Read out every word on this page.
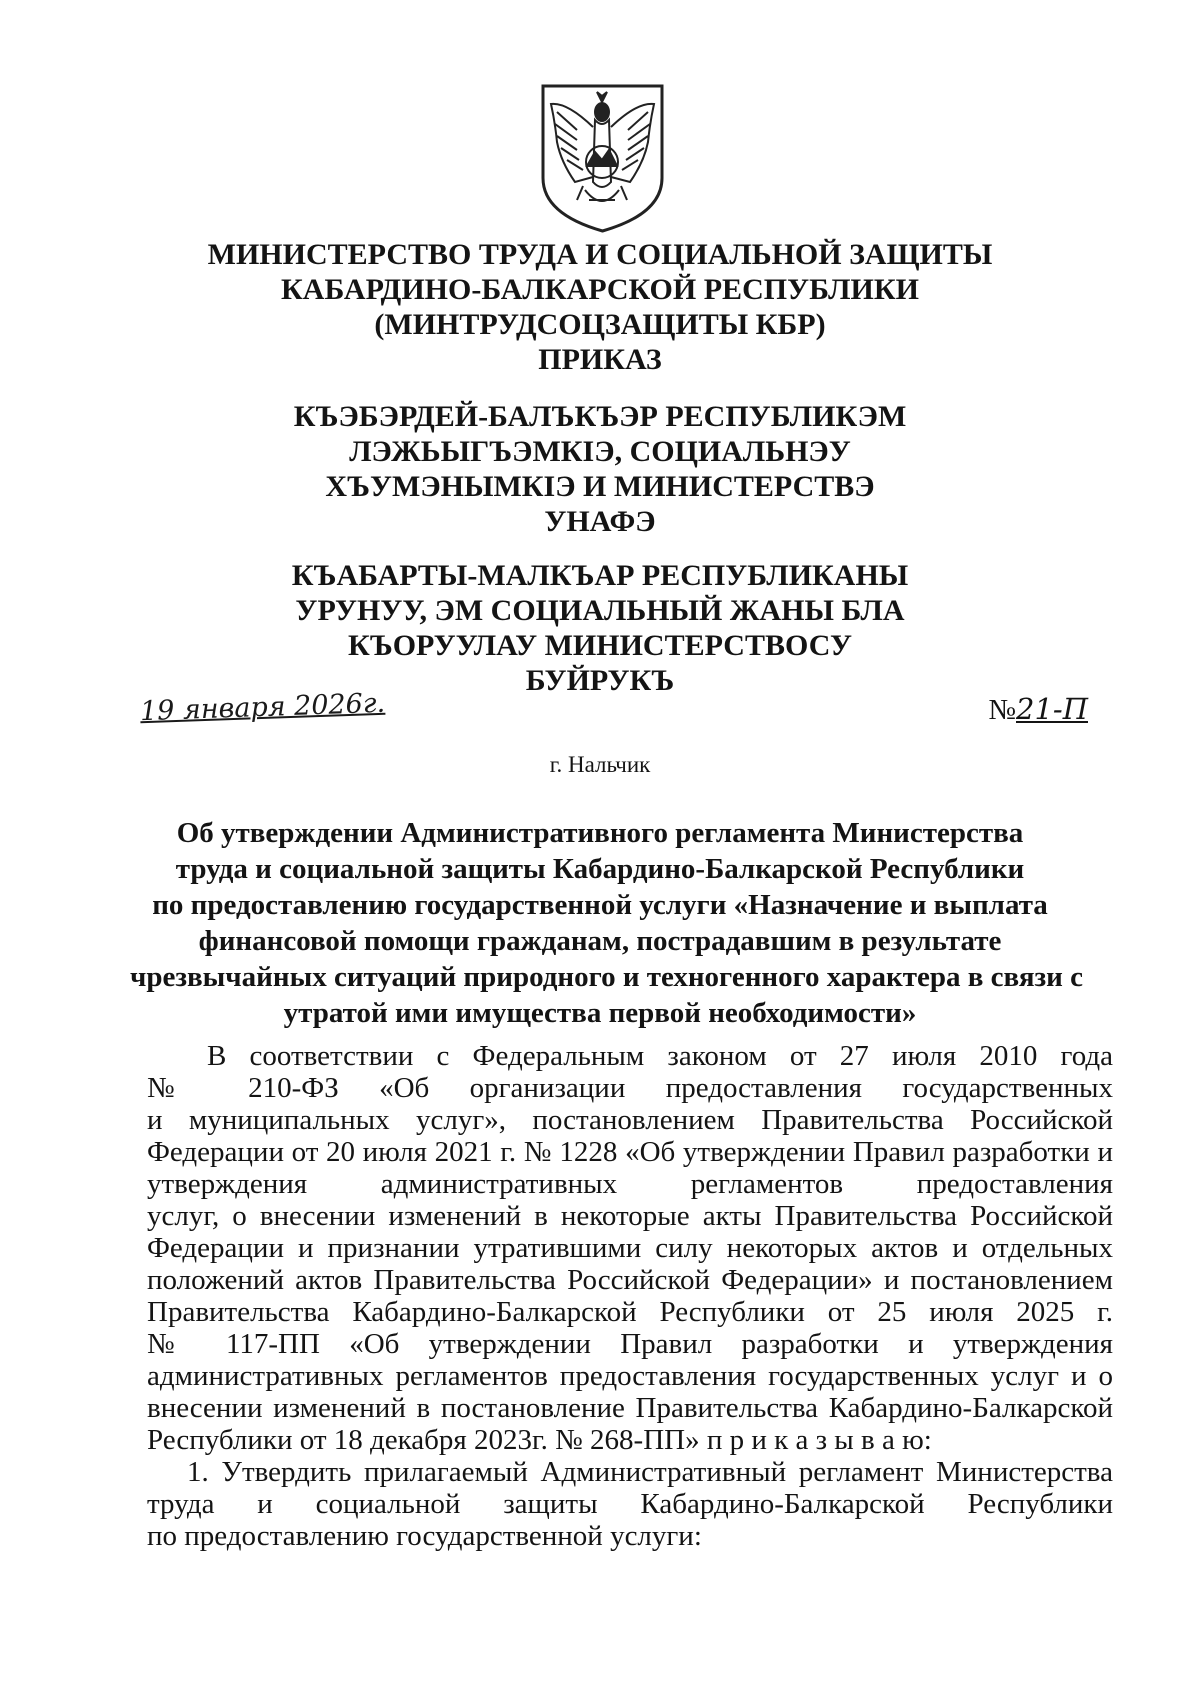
МИНИСТЕРСТВО ТРУДА И СОЦИАЛЬНОЙ ЗАЩИТЫ
КАБАРДИНО-БАЛКАРСКОЙ РЕСПУБЛИКИ
(МИНТРУДСОЦЗАЩИТЫ КБР)
ПРИКАЗ
КЪЭБЭРДЕЙ-БАЛЪКЪЭР РЕСПУБЛИКЭМ
ЛЭЖЬЫГЪЭМКIЭ, СОЦИАЛЬНЭУ
ХЪУМЭНЫМКIЭ И МИНИСТЕРСТВЭ
УНАФЭ
КЪАБАРТЫ-МАЛКЪАР РЕСПУБЛИКАНЫ
УРУНУУ, ЭМ СОЦИАЛЬНЫЙ ЖАНЫ БЛА
КЪОРУУЛАУ МИНИСТЕРСТВОСУ
БУЙРУКЪ
19 января 2026г.	№21-П
г. Нальчик
Об утверждении Административного регламента Министерства
труда и социальной защиты Кабардино-Балкарской Республики
по предоставлению государственной услуги «Назначение и выплата
финансовой помощи гражданам, пострадавшим в результате
чрезвычайных ситуаций природного и техногенного характера в связи с
утратой ими имущества первой необходимости»
В соответствии с Федеральным законом от 27 июля 2010 года
№ 210-ФЗ «Об организации предоставления государственных
и муниципальных услуг», постановлением Правительства Российской
Федерации от 20 июля 2021 г. № 1228 «Об утверждении Правил разработки и
утверждения административных регламентов предоставления
услуг, о внесении изменений в некоторые акты Правительства Российской
Федерации и признании утратившими силу некоторых актов и отдельных
положений актов Правительства Российской Федерации» и постановлением
Правительства Кабардино-Балкарской Республики от 25 июля 2025 г.
№ 117-ПП «Об утверждении Правил разработки и утверждения
административных регламентов предоставления государственных услуг и о
внесении изменений в постановление Правительства Кабардино-Балкарской
Республики от 18 декабря 2023г. № 268-ПП» п р и к а з ы в а ю:
1. Утвердить прилагаемый Административный регламент Министерства
труда и социальной защиты Кабардино-Балкарской Республики
по предоставлению государственной услуги:
